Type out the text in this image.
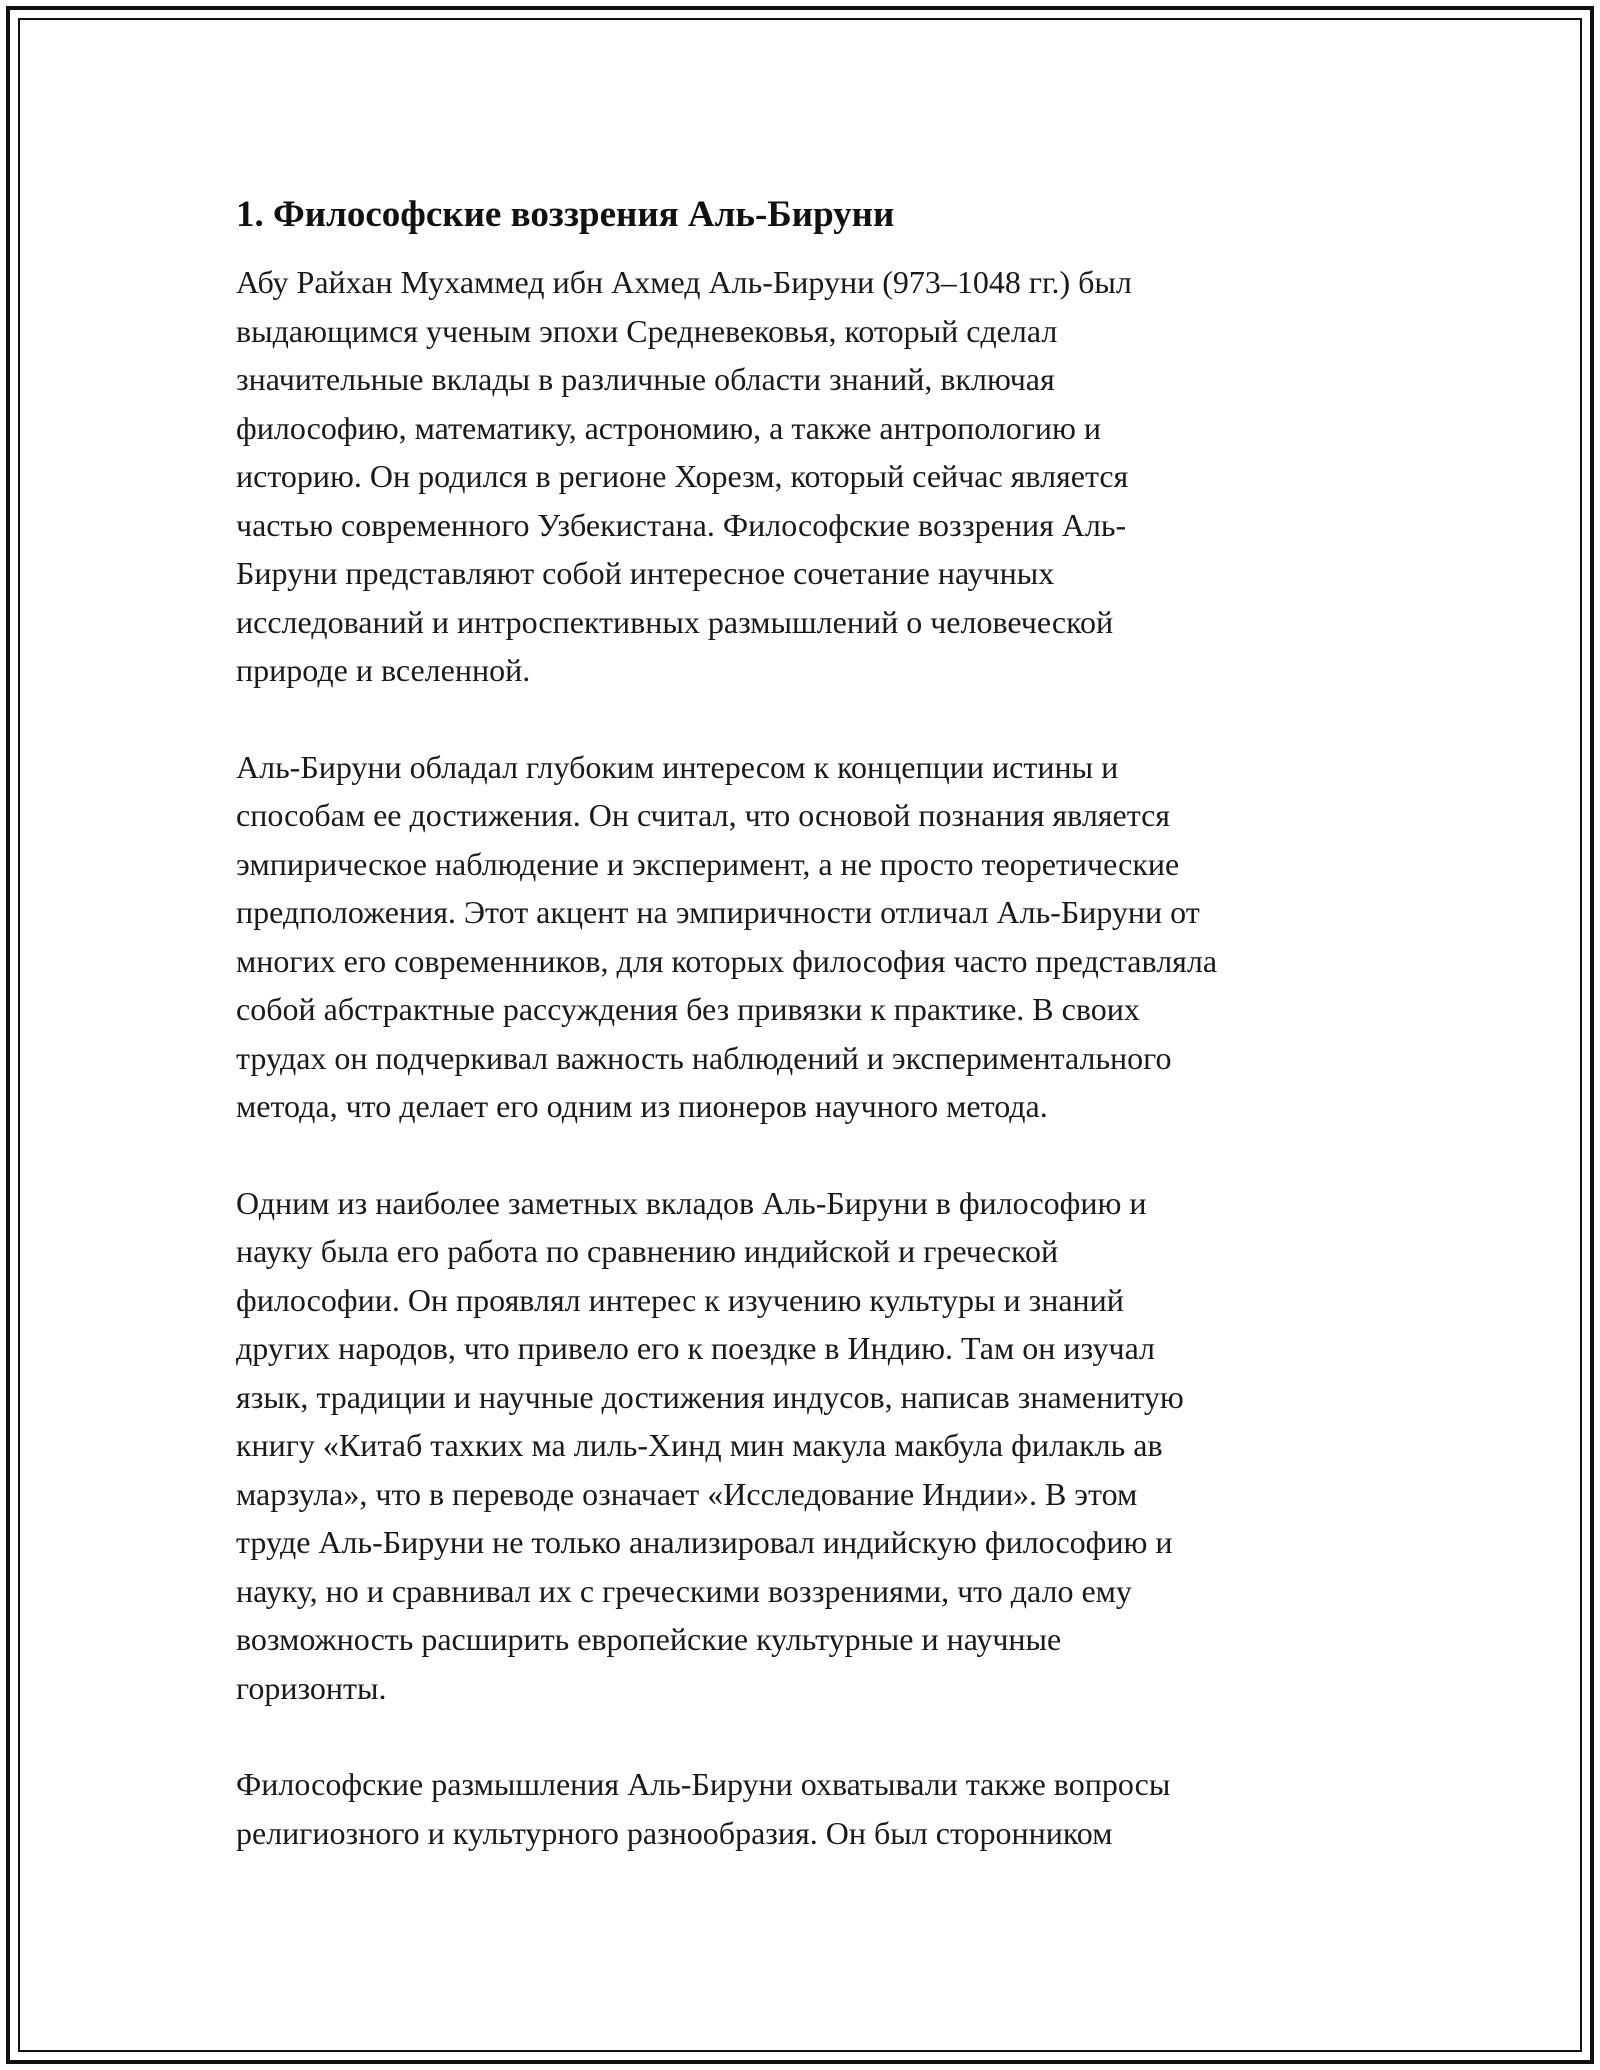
1. Философские воззрения Аль-Бируни

Абу Райхан Мухаммед ибн Ахмед Аль-Бируни (973–1048 гг.) был
выдающимся ученым эпохи Средневековья, который сделал
значительные вклады в различные области знаний, включая
философию, математику, астрономию, а также антропологию и
историю. Он родился в регионе Хорезм, который сейчас является
частью современного Узбекистана. Философские воззрения Аль-
Бируни представляют собой интересное сочетание научных
исследований и интроспективных размышлений о человеческой
природе и вселенной.

Аль-Бируни обладал глубоким интересом к концепции истины и
способам ее достижения. Он считал, что основой познания является
эмпирическое наблюдение и эксперимент, а не просто теоретические
предположения. Этот акцент на эмпиричности отличал Аль-Бируни от
многих его современников, для которых философия часто представляла
собой абстрактные рассуждения без привязки к практике. В своих
трудах он подчеркивал важность наблюдений и экспериментального
метода, что делает его одним из пионеров научного метода.

Одним из наиболее заметных вкладов Аль-Бируни в философию и
науку была его работа по сравнению индийской и греческой
философии. Он проявлял интерес к изучению культуры и знаний
других народов, что привело его к поездке в Индию. Там он изучал
язык, традиции и научные достижения индусов, написав знаменитую
книгу «Китаб тахких ма лиль-Хинд мин макула макбула филакль ав
марзула», что в переводе означает «Исследование Индии». В этом
труде Аль-Бируни не только анализировал индийскую философию и
науку, но и сравнивал их с греческими воззрениями, что дало ему
возможность расширить европейские культурные и научные
горизонты.

Философские размышления Аль-Бируни охватывали также вопросы
религиозного и культурного разнообразия. Он был сторонником
